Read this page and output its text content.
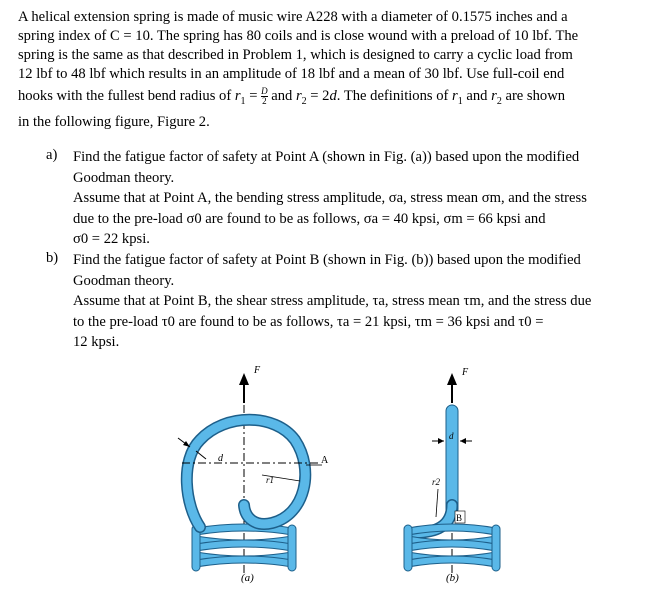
A helical extension spring is made of music wire A228 with a diameter of 0.1575 inches and a
spring index of C = 10. The spring has 80 coils and is close wound with a preload of 10 lbf. The
spring is the same as that described in Problem 1, which is designed to carry a cyclic load from
12 lbf to 48 lbf which results in an amplitude of 18 lbf and a mean of 30 lbf. Use full-coil end
hooks with the fullest bend radius of $r_1 = \frac{D}{2}$ and $r_2 = 2d$. The definitions of $r_1$ and $r_2$ are shown
in the following figure, Figure 2.
a) Find the fatigue factor of safety at Point A (shown in Fig. (a)) based upon the modified
Goodman theory.
Assume that at Point A, the bending stress amplitude, σa, stress mean σm, and the stress
due to the pre-load σ0 are found to be as follows, σa = 40 kpsi, σm = 66 kpsi and
σ0 = 22 kpsi.
b) Find the fatigue factor of safety at Point B (shown in Fig. (b)) based upon the modified
Goodman theory.
Assume that at Point B, the shear stress amplitude, τa, stress mean τm, and the stress due
to the pre-load τ0 are found to be as follows, τa = 21 kpsi, τm = 36 kpsi and τ0 =
12 kpsi.
F
d
r1
A
(a)
F
d
r2
B
(b)
